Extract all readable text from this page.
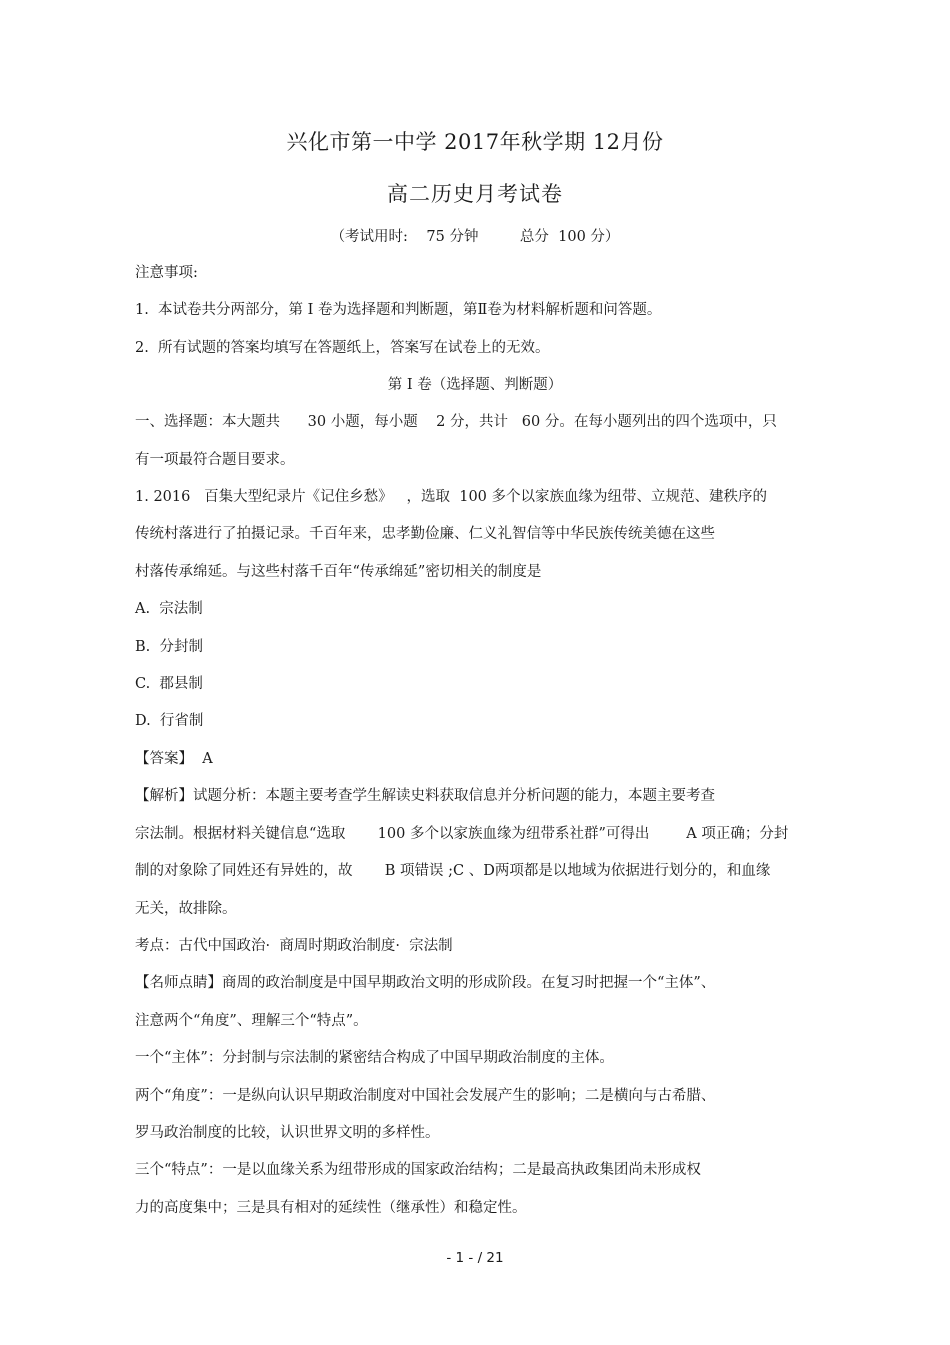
兴化市第一中学 2017年秋学期 12月份
高二历史月考试卷
（考试用时:    75 分钟         总分  100 分）
注意事项:
1.  本试卷共分两部分，第 I 卷为选择题和判断题，第Ⅱ卷为材料解析题和问答题。
2.  所有试题的答案均填写在答题纸上，答案写在试卷上的无效。
第 I 卷（选择题、判断题）
一、选择题：本大题共      30 小题，每小题    2 分，共计   60 分。在每小题列出的四个选项中，只
有一项最符合题目要求。
1. 2016   百集大型纪录片《记住乡愁》   ，选取  100 多个以家族血缘为纽带、立规范、建秩序的
传统村落进行了拍摄记录。千百年来，忠孝勤俭廉、仁义礼智信等中华民族传统美德在这些
村落传承绵延。与这些村落千百年“传承绵延”密切相关的制度是
A.  宗法制
B.  分封制
C.  郡县制
D.  行省制
【答案】  A
【解析】试题分析：本题主要考查学生解读史料获取信息并分析问题的能力，本题主要考查
宗法制。根据材料关键信息“选取       100 多个以家族血缘为纽带系社群”可得出        A 项正确；分封
制的对象除了同姓还有异姓的，故       B 项错误 ;C 、D两项都是以地域为依据进行划分的，和血缘
无关，故排除。
考点：古代中国政治·  商周时期政治制度·  宗法制
【名师点睛】商周的政治制度是中国早期政治文明的形成阶段。在复习时把握一个“主体”、
注意两个“角度”、理解三个“特点”。
一个“主体”：分封制与宗法制的紧密结合构成了中国早期政治制度的主体。
两个“角度”：一是纵向认识早期政治制度对中国社会发展产生的影响；二是横向与古希腊、
罗马政治制度的比较，认识世界文明的多样性。
三个“特点”：一是以血缘关系为纽带形成的国家政治结构；二是最高执政集团尚未形成权
力的高度集中；三是具有相对的延续性（继承性）和稳定性。
- 1 - / 21
